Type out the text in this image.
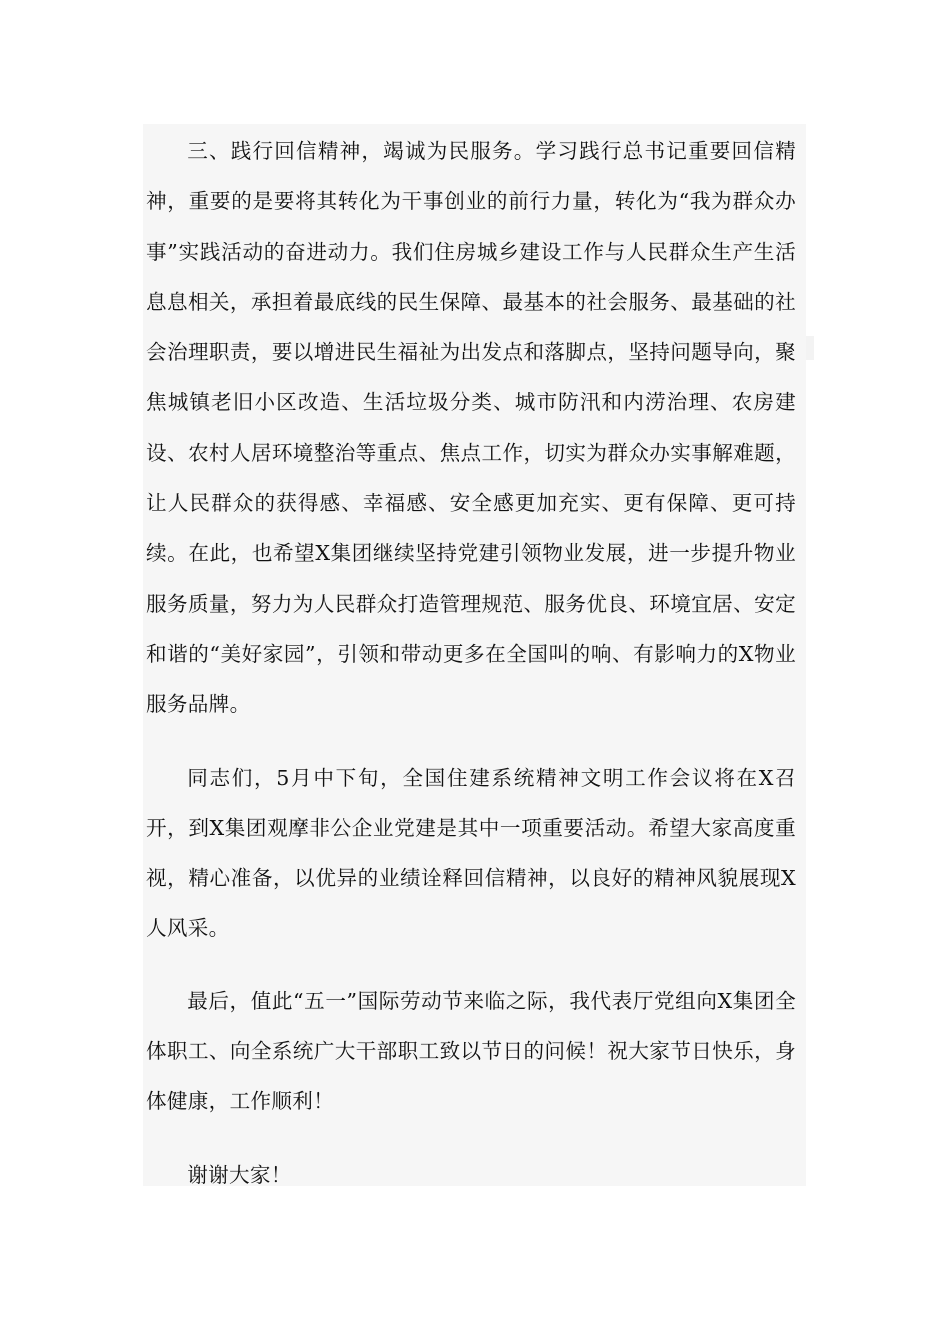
三、践行回信精神，竭诚为民服务。学习践行总书记重要回信精神，重要的是要将其转化为干事创业的前行力量，转化为“我为群众办事”实践活动的奋进动力。我们住房城乡建设工作与人民群众生产生活息息相关，承担着最底线的民生保障、最基本的社会服务、最基础的社会治理职责，要以增进民生福祉为出发点和落脚点，坚持问题导向，聚焦城镇老旧小区改造、生活垃圾分类、城市防汛和内涝治理、农房建设、农村人居环境整治等重点、焦点工作，切实为群众办实事解难题，让人民群众的获得感、幸福感、安全感更加充实、更有保障、更可持续。在此，也希望X集团继续坚持党建引领物业发展，进一步提升物业服务质量，努力为人民群众打造管理规范、服务优良、环境宜居、安定和谐的“美好家园”，引领和带动更多在全国叫的响、有影响力的X物业服务品牌。

同志们，5月中下旬，全国住建系统精神文明工作会议将在X召开，到X集团观摩非公企业党建是其中一项重要活动。希望大家高度重视，精心准备，以优异的业绩诠释回信精神，以良好的精神风貌展现X人风采。

最后，值此“五一”国际劳动节来临之际，我代表厅党组向X集团全体职工、向全系统广大干部职工致以节日的问候！祝大家节日快乐，身体健康，工作顺利！

谢谢大家！
